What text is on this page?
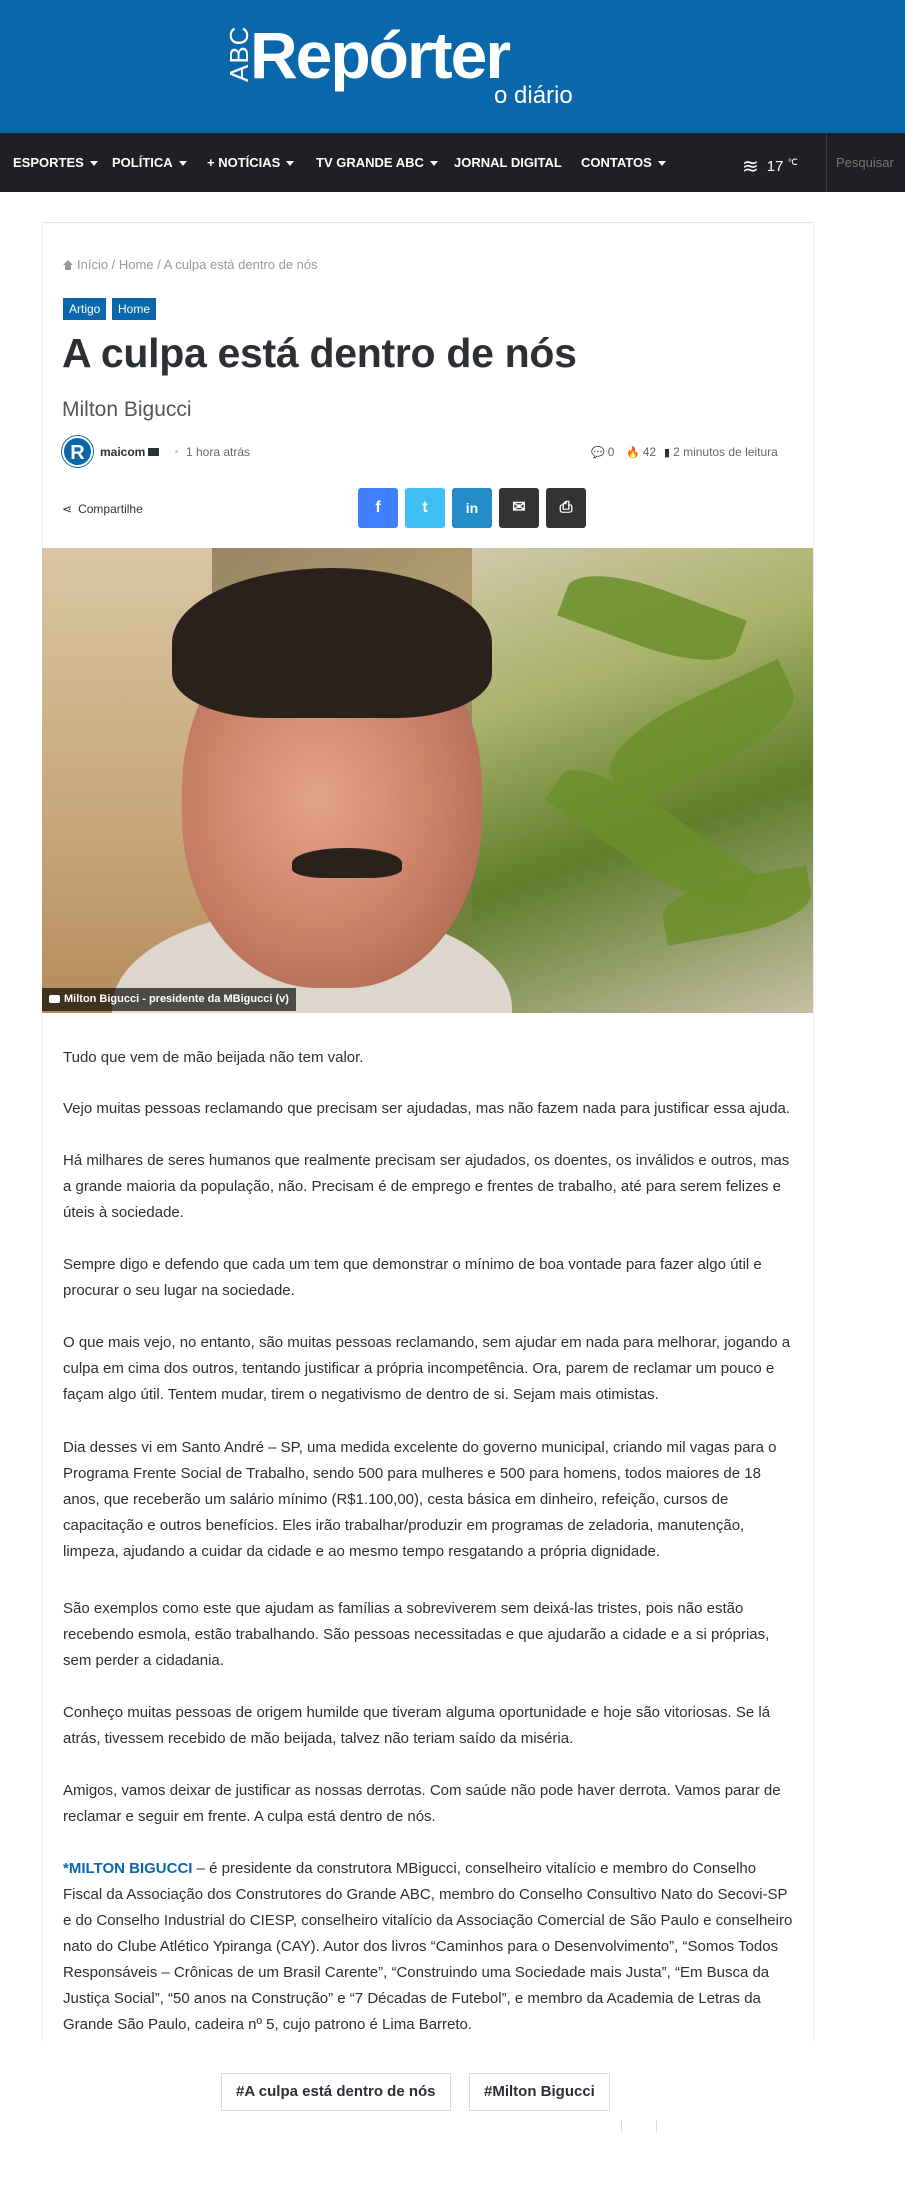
ABC
Repórter
o diário
ESPORTES	POLÍTICA	+ NOTÍCIAS	TV GRANDE ABC	JORNAL DIGITAL CONTATOS	≋ 17 ℃	Pesquisar
Início / Home / A culpa está dentro de nós
Artigo	Home
A culpa está dentro de nós
Milton Bigucci
R	maicom	1 hora atrás	💬 0 🔥 42 ▮ 2 minutos de leitura
⋖ Compartilhe	f	t	in	✉	⎙
Milton Bigucci - presidente da MBigucci (v)

Tudo que vem de mão beijada não tem valor.

Vejo muitas pessoas reclamando que precisam ser ajudadas, mas não fazem nada para justificar essa ajuda.

Há milhares de seres humanos que realmente precisam ser ajudados, os doentes, os inválidos e outros, mas a grande maioria da população, não. Precisam é de emprego e frentes de trabalho, até para serem felizes e úteis à sociedade.

Sempre digo e defendo que cada um tem que demonstrar o mínimo de boa vontade para fazer algo útil e procurar o seu lugar na sociedade.

O que mais vejo, no entanto, são muitas pessoas reclamando, sem ajudar em nada para melhorar, jogando a culpa em cima dos outros, tentando justificar a própria incompetência. Ora, parem de reclamar um pouco e façam algo útil. Tentem mudar, tirem o negativismo de dentro de si. Sejam mais otimistas.

Dia desses vi em Santo André – SP, uma medida excelente do governo municipal, criando mil vagas para o Programa Frente Social de Trabalho, sendo 500 para mulheres e 500 para homens, todos maiores de 18 anos, que receberão um salário mínimo (R$1.100,00), cesta básica em dinheiro, refeição, cursos de capacitação e outros benefícios. Eles irão trabalhar/produzir em programas de zeladoria, manutenção, limpeza, ajudando a cuidar da cidade e ao mesmo tempo resgatando a própria dignidade.

São exemplos como este que ajudam as famílias a sobreviverem sem deixá-las tristes, pois não estão recebendo esmola, estão trabalhando. São pessoas necessitadas e que ajudarão a cidade e a si próprias, sem perder a cidadania.

Conheço muitas pessoas de origem humilde que tiveram alguma oportunidade e hoje são vitoriosas. Se lá atrás, tivessem recebido de mão beijada, talvez não teriam saído da miséria.

Amigos, vamos deixar de justificar as nossas derrotas. Com saúde não pode haver derrota. Vamos parar de reclamar e seguir em frente. A culpa está dentro de nós.

*MILTON BIGUCCI – é presidente da construtora MBigucci, conselheiro vitalício e membro do Conselho Fiscal da Associação dos Construtores do Grande ABC, membro do Conselho Consultivo Nato do Secovi-SP e do Conselho Industrial do CIESP, conselheiro vitalício da Associação Comercial de São Paulo e conselheiro nato do Clube Atlético Ypiranga (CAY). Autor dos livros “Caminhos para o Desenvolvimento”, “Somos Todos Responsáveis – Crônicas de um Brasil Carente”, “Construindo uma Sociedade mais Justa”, “Em Busca da Justiça Social”, “50 anos na Construção” e “7 Décadas de Futebol”, e membro da Academia de Letras da Grande São Paulo, cadeira nº 5, cujo patrono é Lima Barreto.

#A culpa está dentro de nós	#Milton Bigucci
